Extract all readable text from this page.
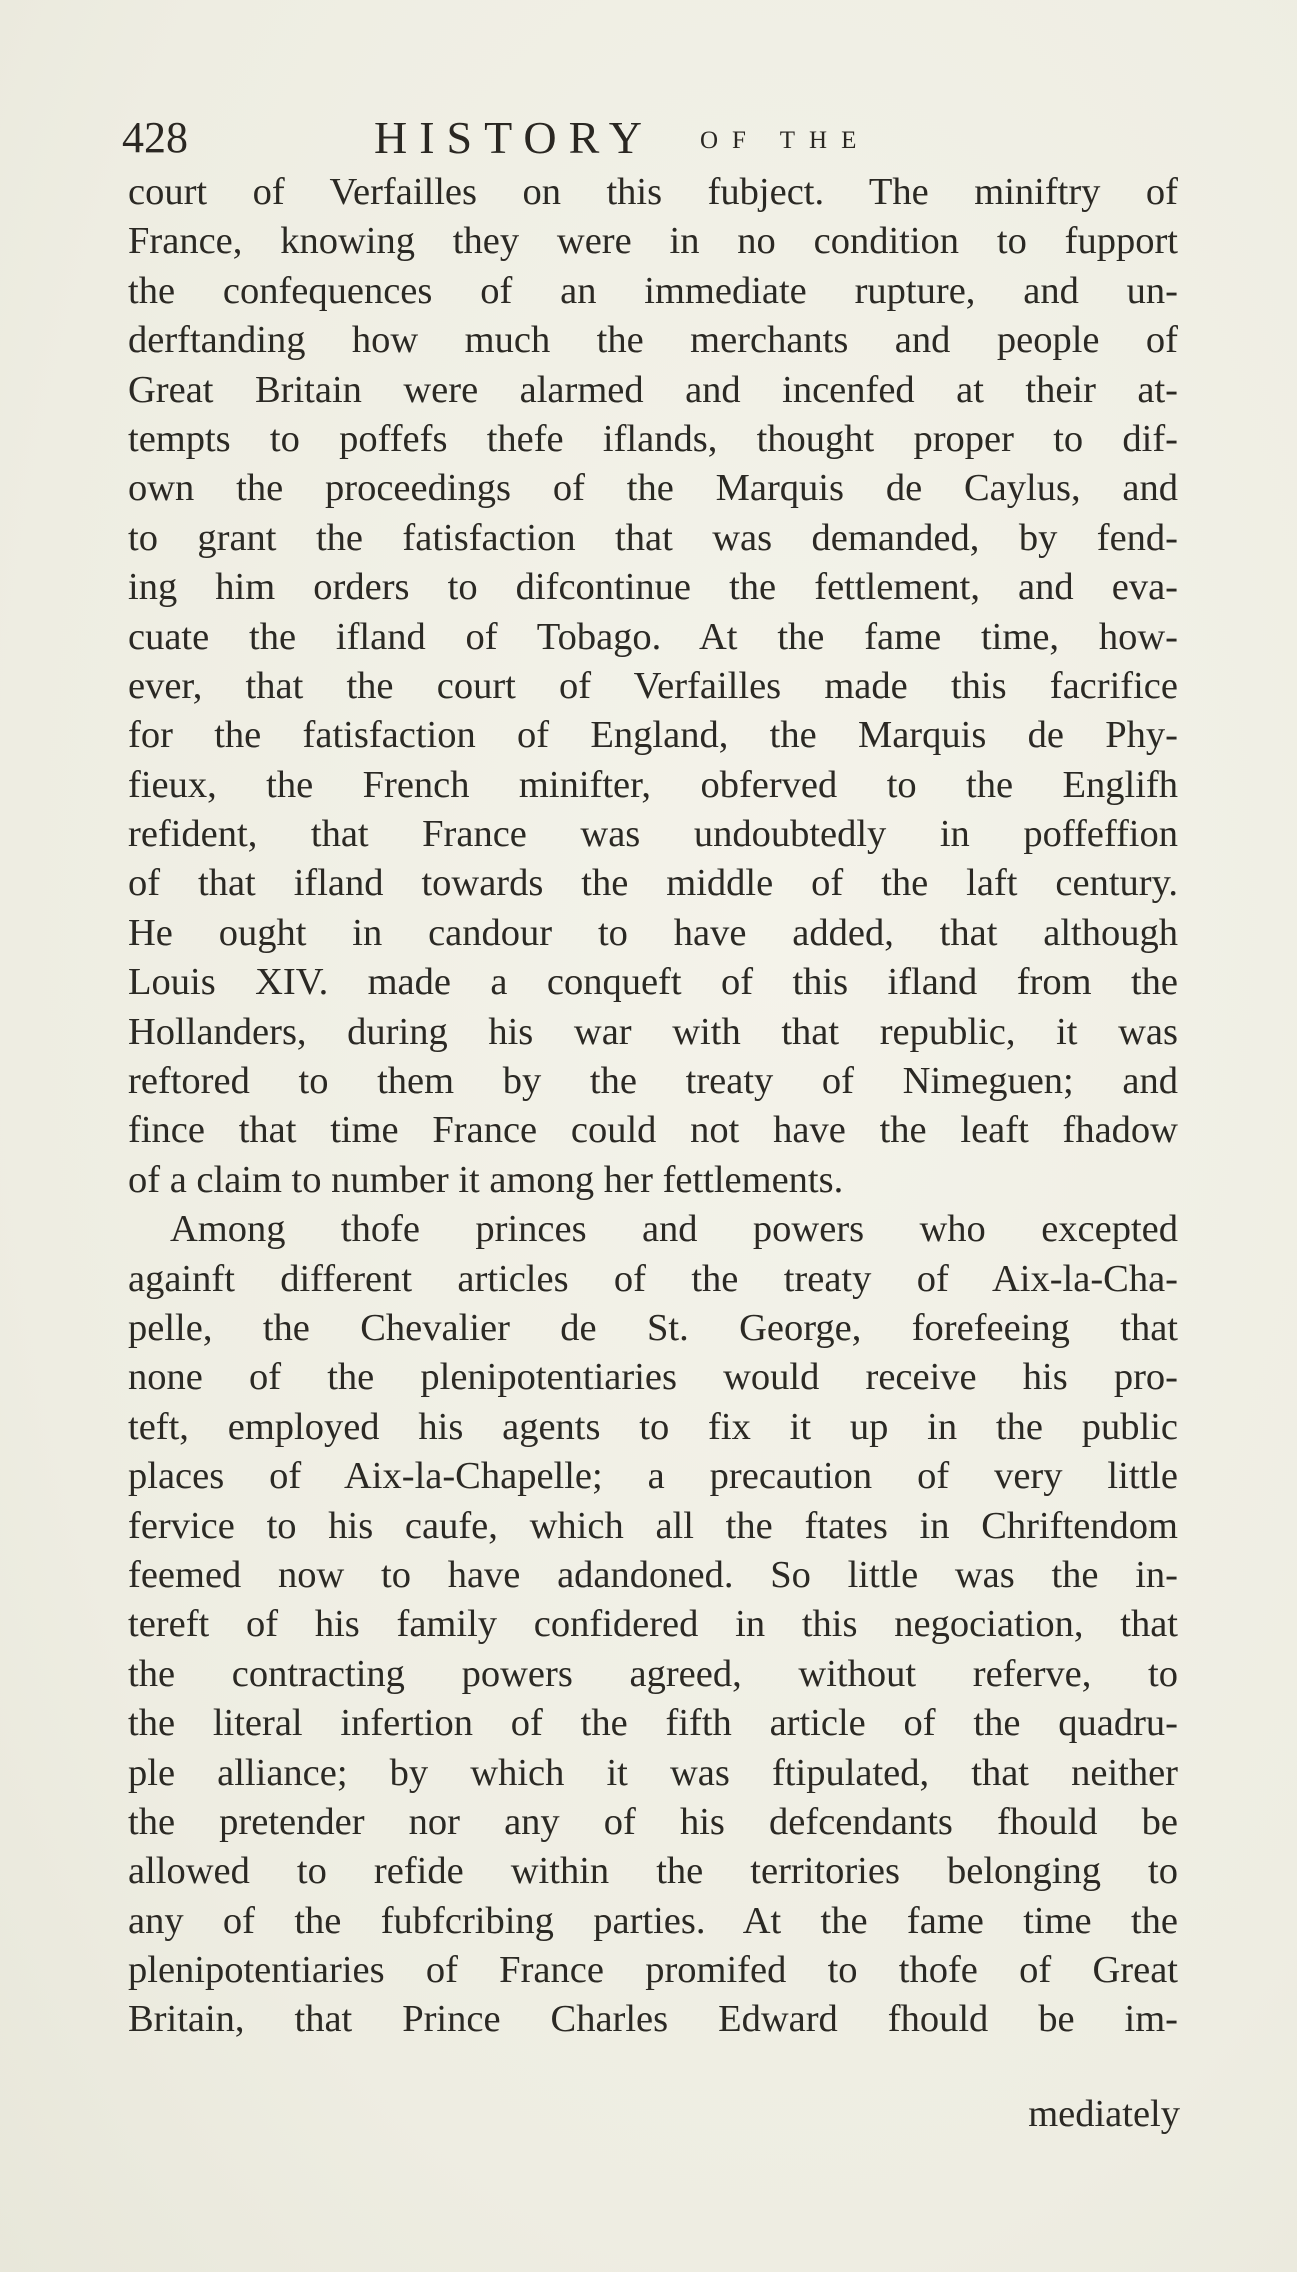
428	HISTORY OF THE
court of Verfailles on this fubject. The miniftry of
France, knowing they were in no condition to fupport
the confequences of an immediate rupture, and un-
derftanding how much the merchants and people of
Great Britain were alarmed and incenfed at their at-
tempts to poffefs thefe iflands, thought proper to dif-
own the proceedings of the Marquis de Caylus, and
to grant the fatisfaction that was demanded, by fend-
ing him orders to difcontinue the fettlement, and eva-
cuate the ifland of Tobago. At the fame time, how-
ever, that the court of Verfailles made this facrifice
for the fatisfaction of England, the Marquis de Phy-
fieux, the French minifter, obferved to the Englifh
refident, that France was undoubtedly in poffeffion
of that ifland towards the middle of the laft century.
He ought in candour to have added, that although
Louis XIV. made a conqueft of this ifland from the
Hollanders, during his war with that republic, it was
reftored to them by the treaty of Nimeguen; and
fince that time France could not have the leaft fhadow
of a claim to number it among her fettlements.
Among thofe princes and powers who excepted
againft different articles of the treaty of Aix-la-Cha-
pelle, the Chevalier de St. George, forefeeing that
none of the plenipotentiaries would receive his pro-
teft, employed his agents to fix it up in the public
places of Aix-la-Chapelle; a precaution of very little
fervice to his caufe, which all the ftates in Chriftendom
feemed now to have adandoned. So little was the in-
tereft of his family confidered in this negociation, that
the contracting powers agreed, without referve, to
the literal infertion of the fifth article of the quadru-
ple alliance; by which it was ftipulated, that neither
the pretender nor any of his defcendants fhould be
allowed to refide within the territories belonging to
any of the fubfcribing parties. At the fame time the
plenipotentiaries of France promifed to thofe of Great
Britain, that Prince Charles Edward fhould be im-
mediately
